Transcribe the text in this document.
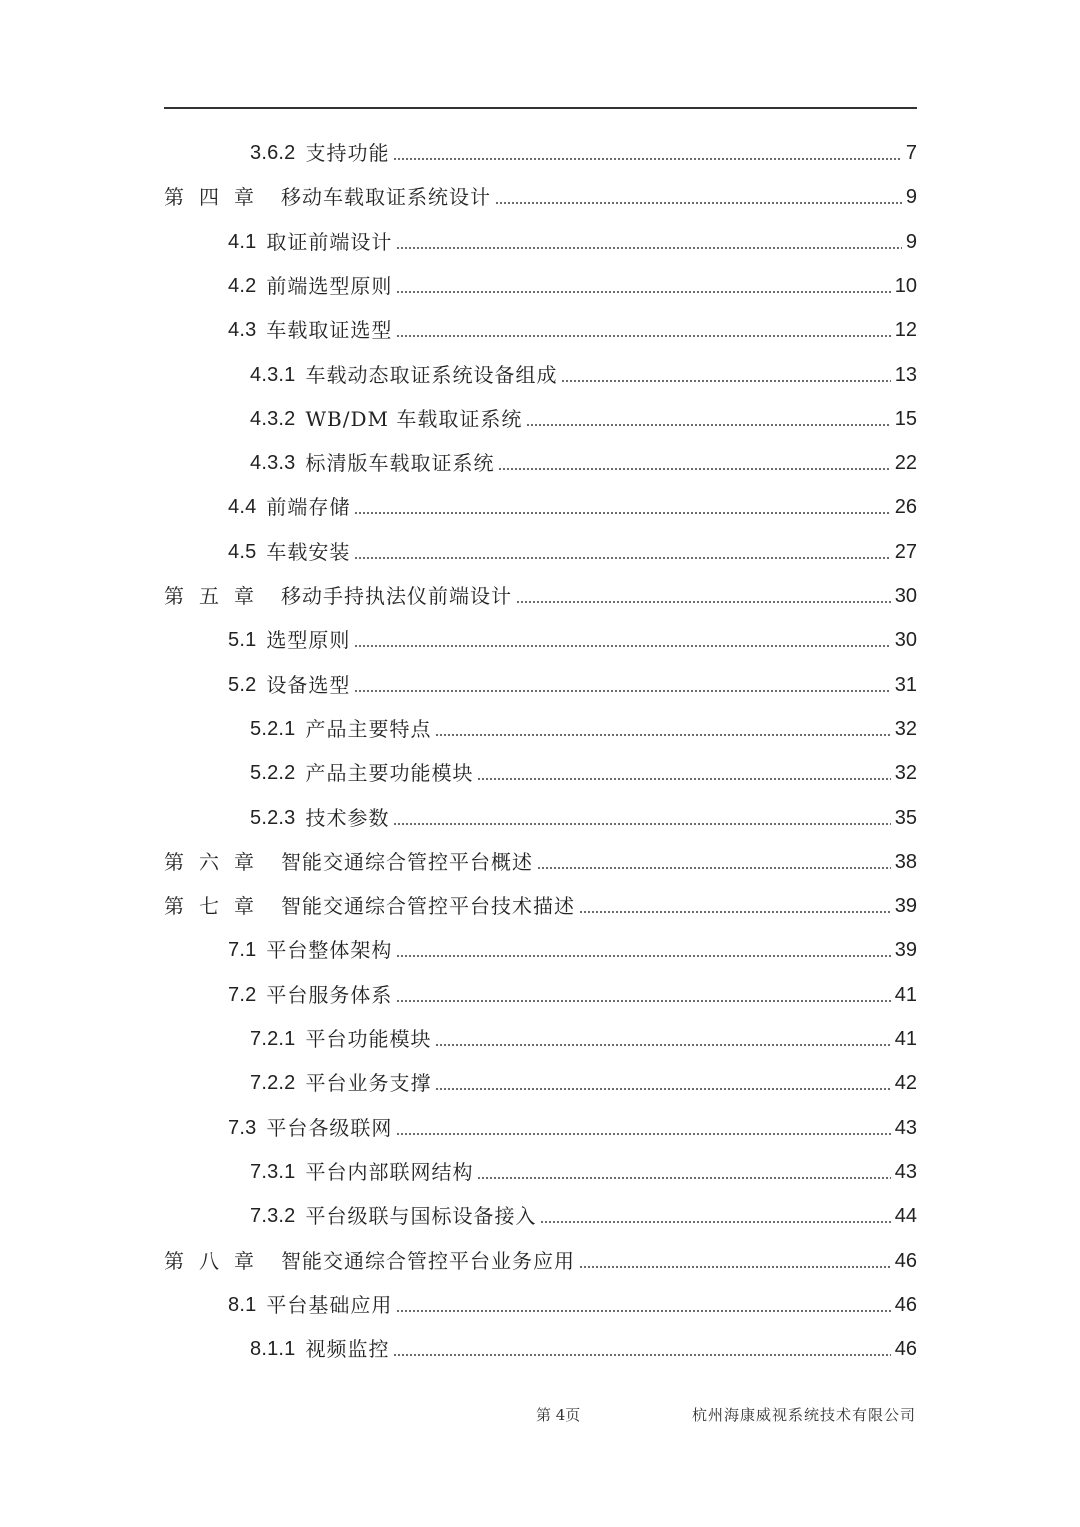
3.6.2 支持功能	7
第四章 移动车载取证系统设计	9
4.1 取证前端设计	9
4.2 前端选型原则	10
4.3 车载取证选型	12
4.3.1 车载动态取证系统设备组成	13
4.3.2 WB/DM 车载取证系统	15
4.3.3 标清版车载取证系统	22
4.4 前端存储	26
4.5 车载安装	27
第五章 移动手持执法仪前端设计	30
5.1 选型原则	30
5.2 设备选型	31
5.2.1 产品主要特点	32
5.2.2 产品主要功能模块	32
5.2.3 技术参数	35
第六章 智能交通综合管控平台概述	38
第七章 智能交通综合管控平台技术描述	39
7.1 平台整体架构	39
7.2 平台服务体系	41
7.2.1 平台功能模块	41
7.2.2 平台业务支撑	42
7.3 平台各级联网	43
7.3.1 平台内部联网结构	43
7.3.2 平台级联与国标设备接入	44
第八章 智能交通综合管控平台业务应用	46
8.1 平台基础应用	46
8.1.1 视频监控	46
第 4页	杭州海康威视系统技术有限公司
